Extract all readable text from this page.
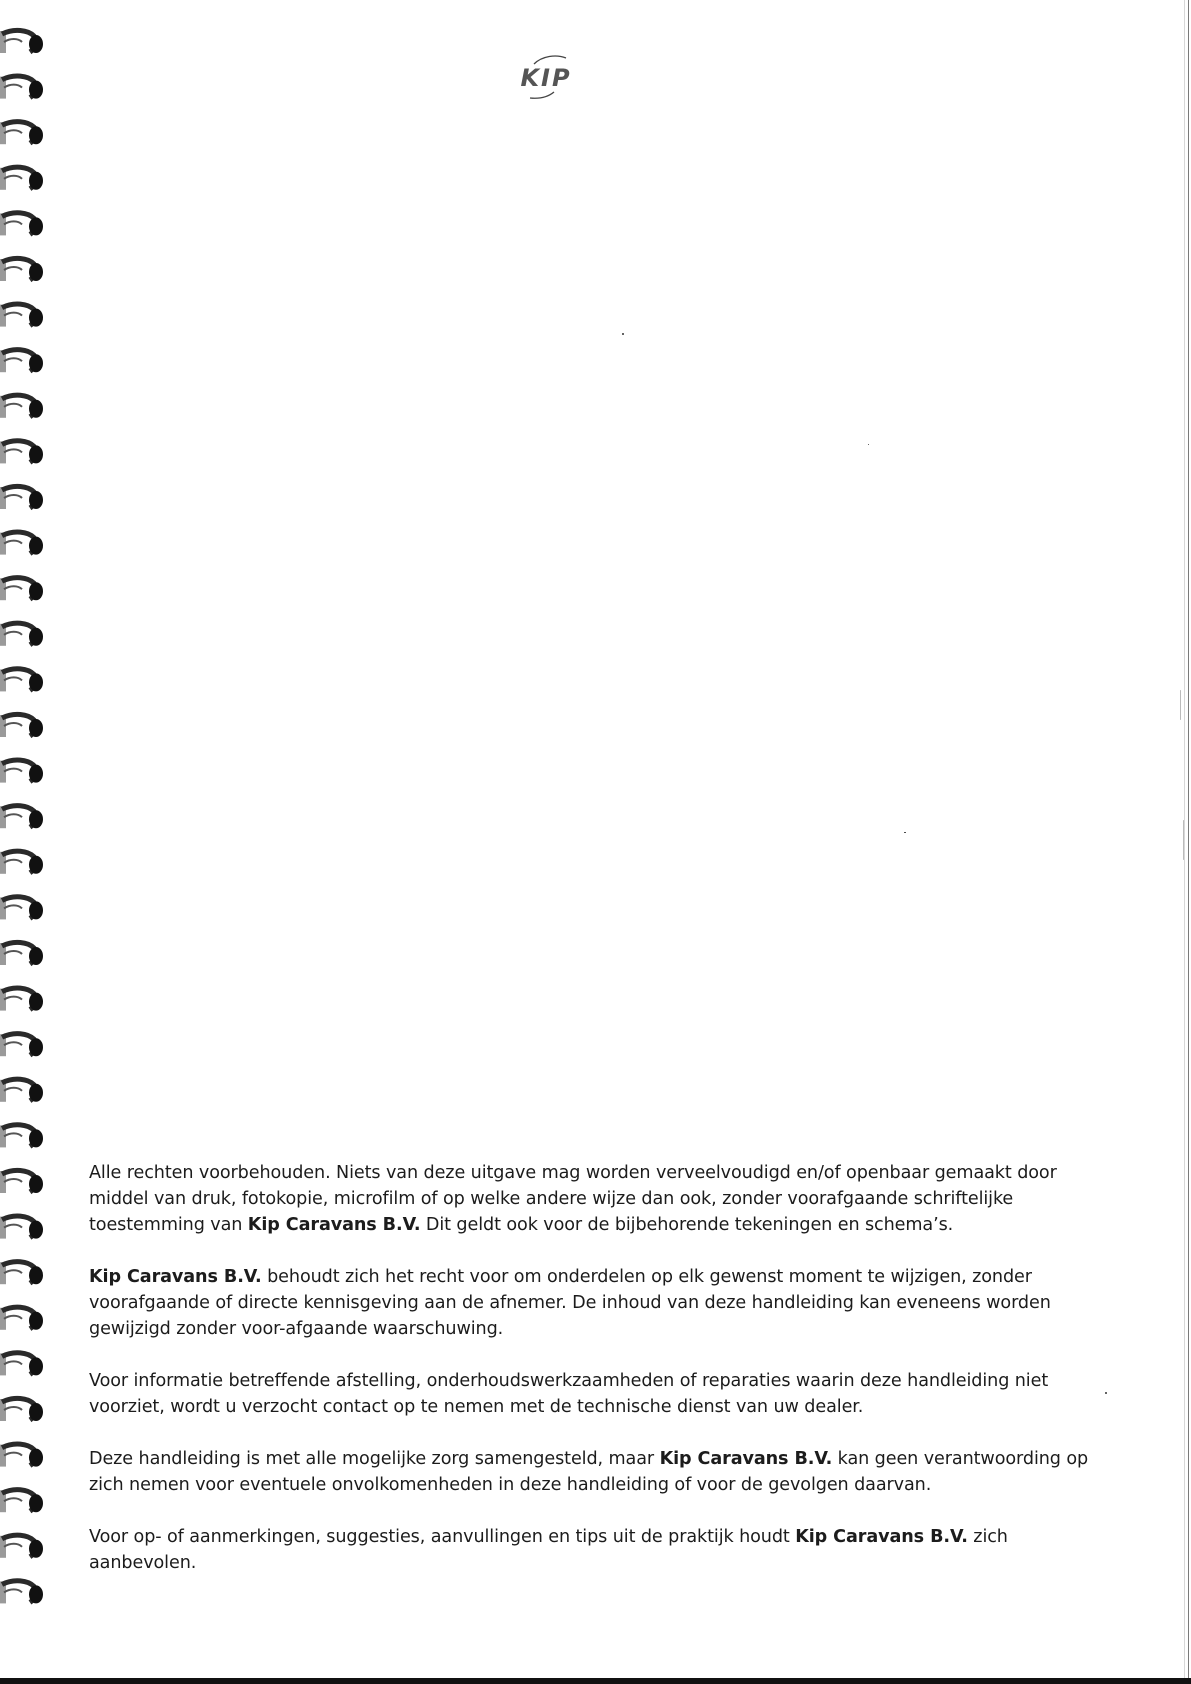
KIP

Alle rechten voorbehouden. Niets van deze uitgave mag worden verveelvoudigd en/of openbaar gemaakt door middel van druk, fotokopie, microfilm of op welke andere wijze dan ook, zonder voorafgaande schriftelijke toestemming van Kip Caravans B.V. Dit geldt ook voor de bijbehorende tekeningen en schema’s.

Kip Caravans B.V. behoudt zich het recht voor om onderdelen op elk gewenst moment te wijzigen, zonder voorafgaande of directe kennisgeving aan de afnemer. De inhoud van deze handleiding kan eveneens worden gewijzigd zonder voor-afgaande waarschuwing.

Voor informatie betreffende afstelling, onderhoudswerkzaamheden of reparaties waarin deze handleiding niet voorziet, wordt u verzocht contact op te nemen met de technische dienst van uw dealer.

Deze handleiding is met alle mogelijke zorg samengesteld, maar Kip Caravans B.V. kan geen verantwoording op zich nemen voor eventuele onvolkomenheden in deze handleiding of voor de gevolgen daarvan.

Voor op- of aanmerkingen, suggesties, aanvullingen en tips uit de praktijk houdt Kip Caravans B.V. zich aanbevolen.
